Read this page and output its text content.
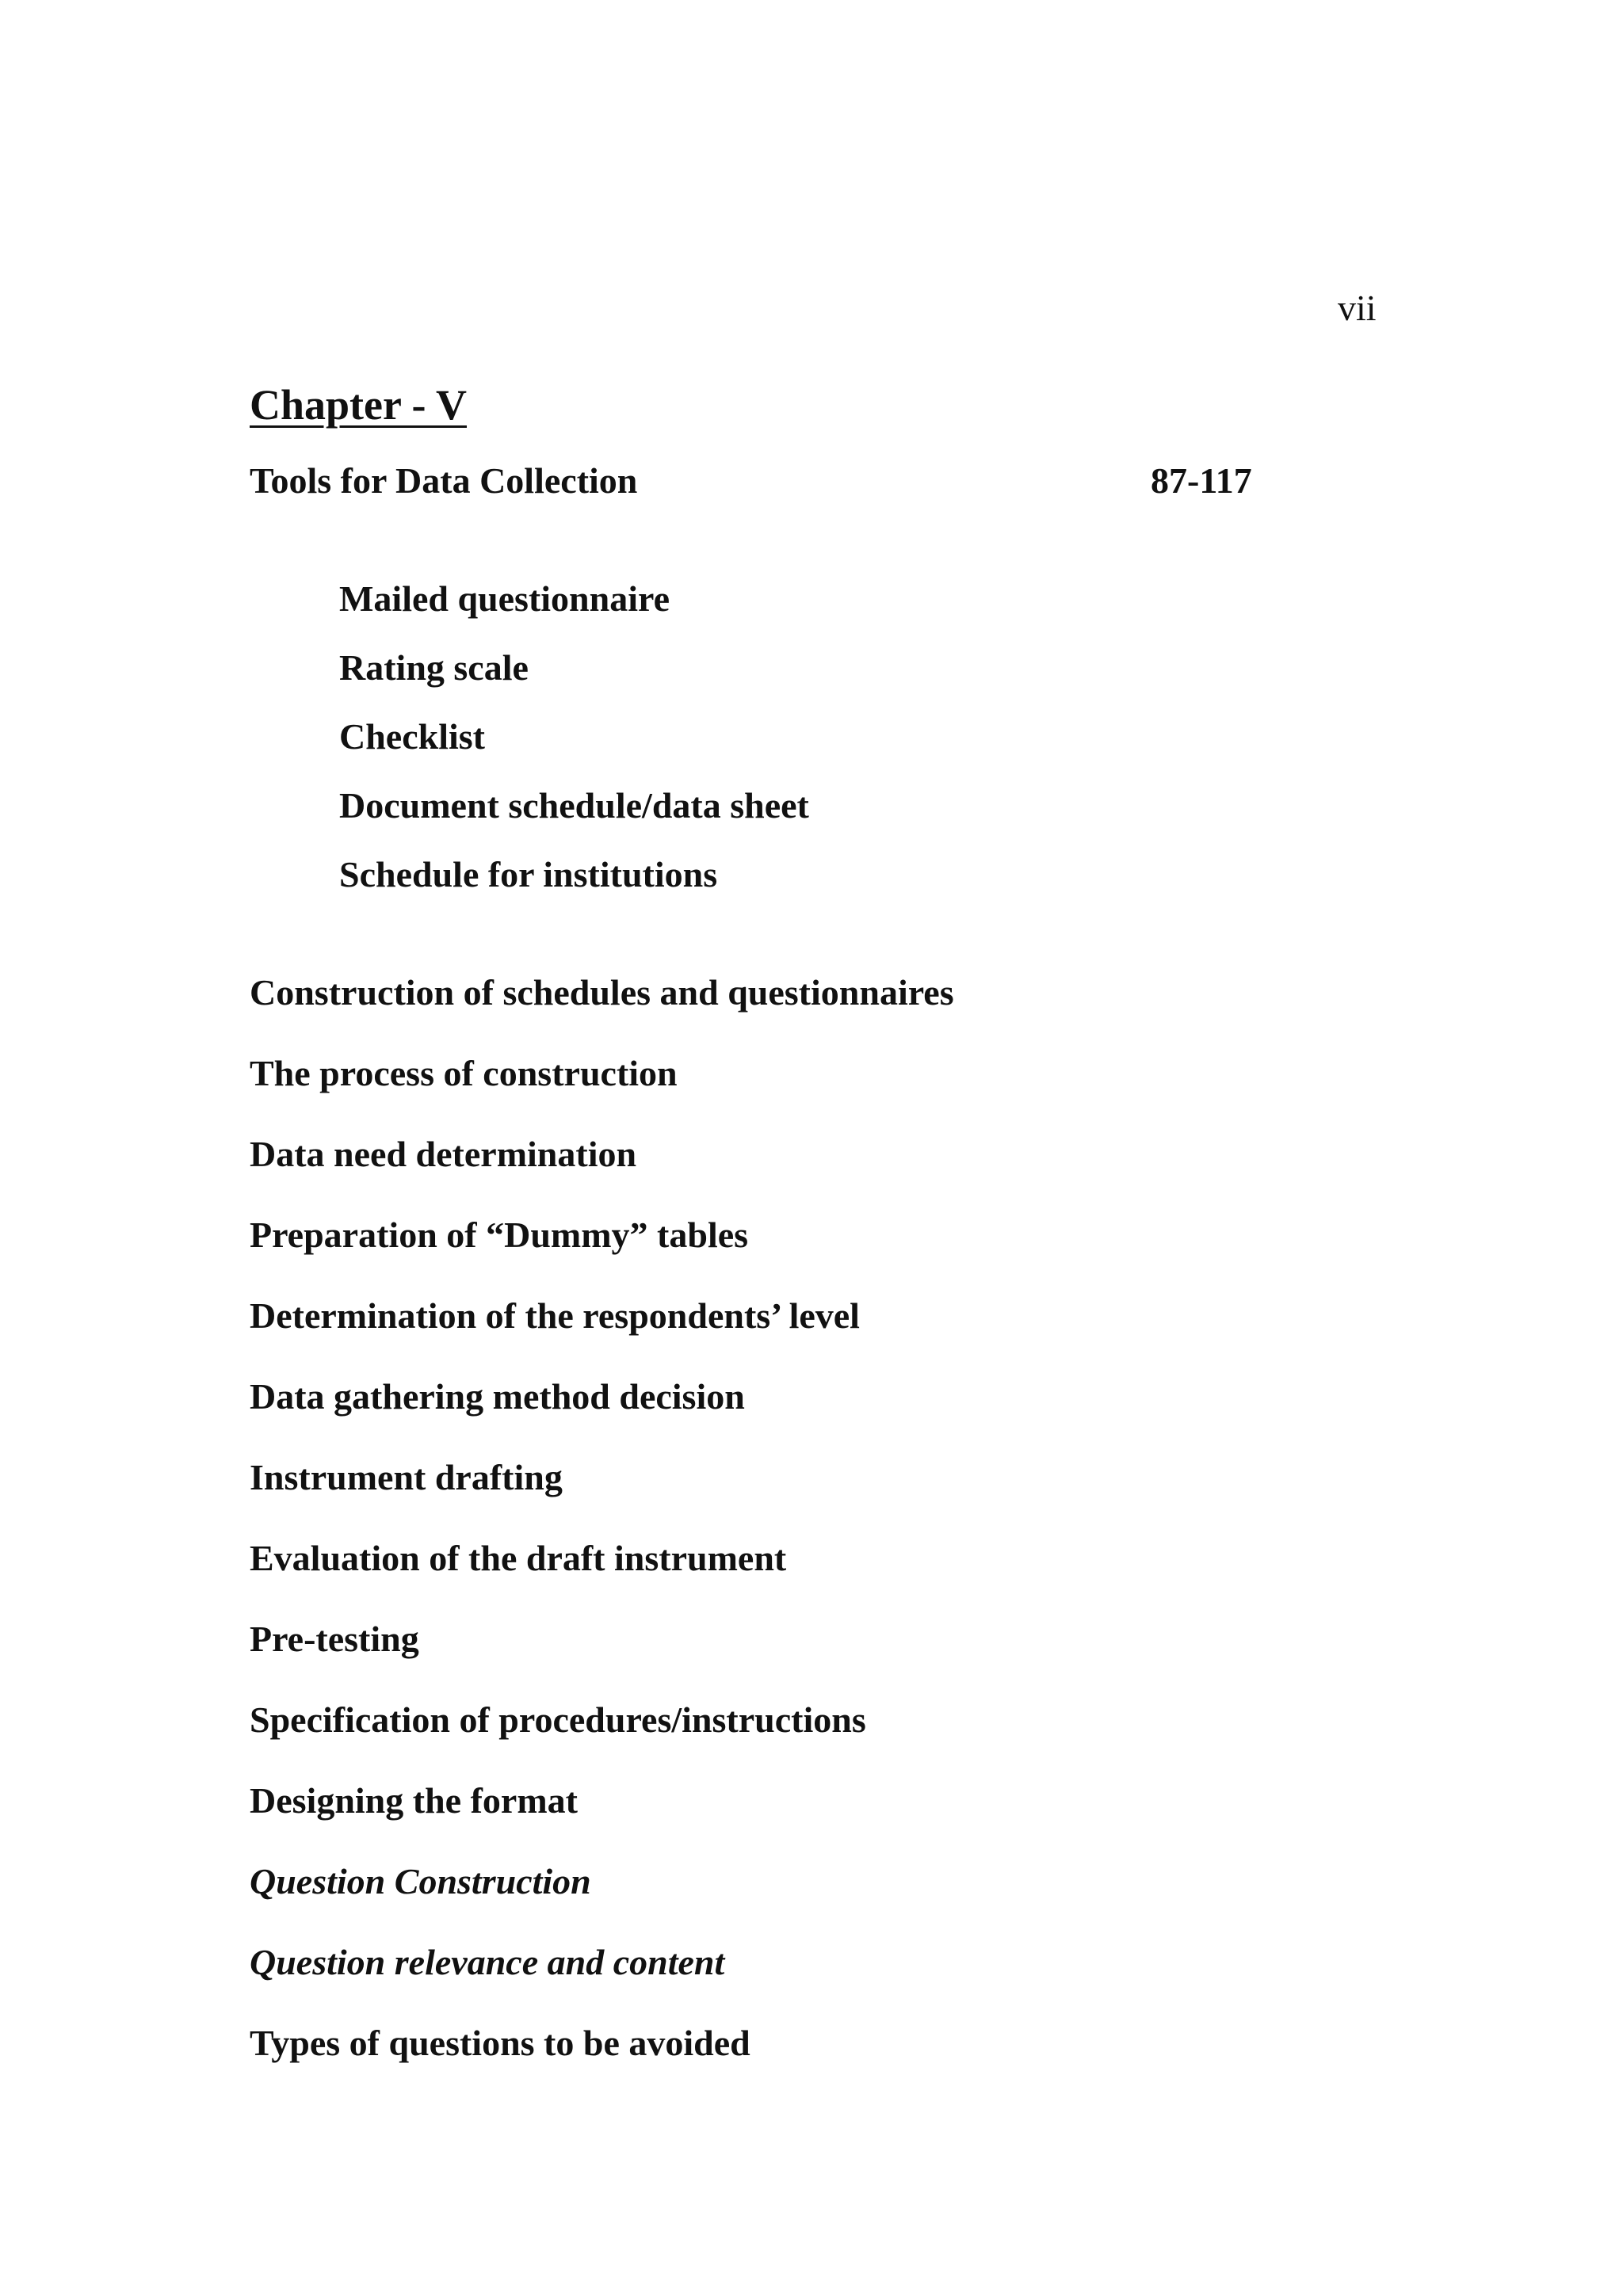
vii
Chapter - V
Tools for Data Collection	87-117
Mailed questionnaire
Rating scale
Checklist
Document schedule/data sheet
Schedule for institutions
Construction of schedules and questionnaires
The process of construction
Data need determination
Preparation of “Dummy” tables
Determination of the respondents’ level
Data gathering method decision
Instrument drafting
Evaluation of the draft instrument
Pre-testing
Specification of procedures/instructions
Designing the format
Question Construction
Question relevance and content
Types of questions to be avoided
